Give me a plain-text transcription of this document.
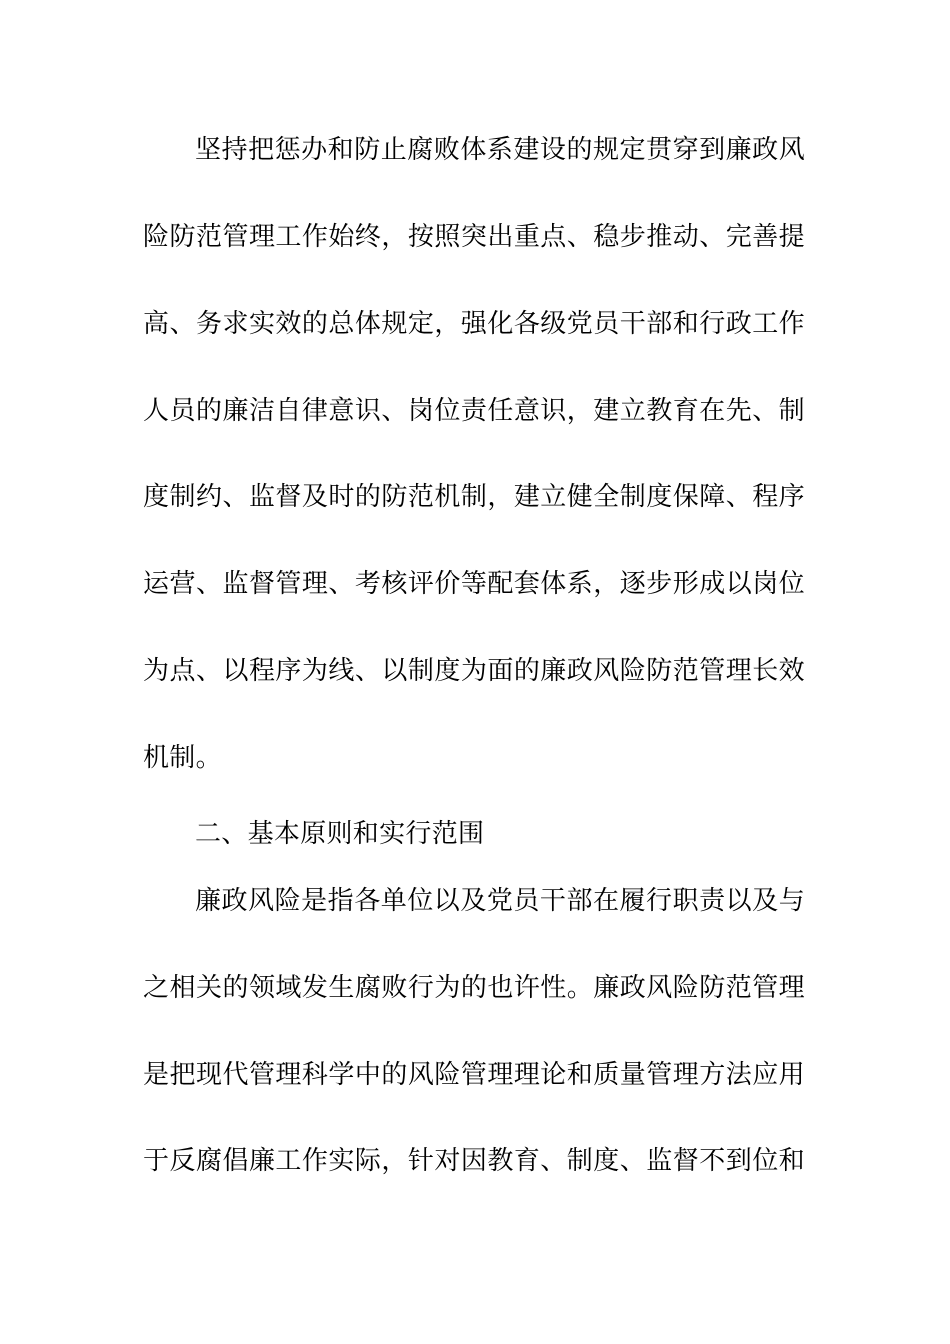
坚持把惩办和防止腐败体系建设的规定贯穿到廉政风
险防范管理工作始终，按照突出重点、稳步推动、完善提
高、务求实效的总体规定，强化各级党员干部和行政工作
人员的廉洁自律意识、岗位责任意识，建立教育在先、制
度制约、监督及时的防范机制，建立健全制度保障、程序
运营、监督管理、考核评价等配套体系，逐步形成以岗位
为点、以程序为线、以制度为面的廉政风险防范管理长效
机制。
二、基本原则和实行范围
廉政风险是指各单位以及党员干部在履行职责以及与
之相关的领域发生腐败行为的也许性。廉政风险防范管理
是把现代管理科学中的风险管理理论和质量管理方法应用
于反腐倡廉工作实际，针对因教育、制度、监督不到位和
